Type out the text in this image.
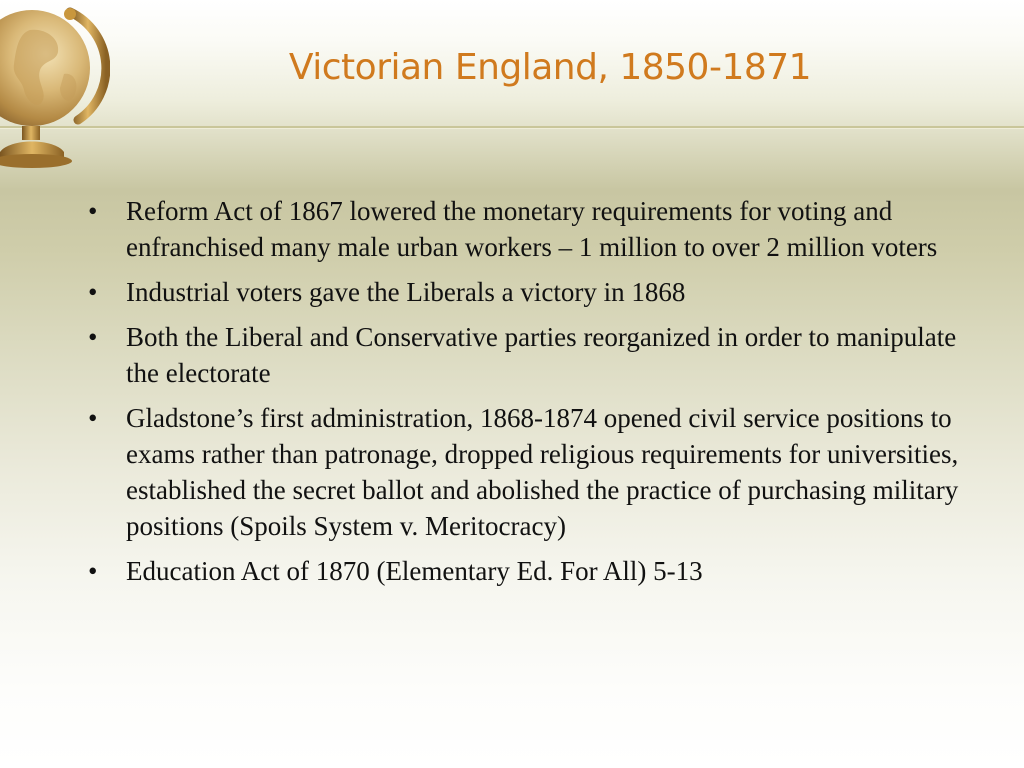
Victorian England, 1850-1871
• Reform Act of 1867 lowered the monetary requirements for voting and enfranchised many male urban workers – 1 million to over 2 million voters
• Industrial voters gave the Liberals a victory in 1868
• Both the Liberal and Conservative parties reorganized in order to manipulate the electorate
• Gladstone’s first administration, 1868-1874 opened civil service positions to exams rather than patronage, dropped religious requirements for universities, established the secret ballot and abolished the practice of purchasing military positions (Spoils System v. Meritocracy)
• Education Act of 1870 (Elementary Ed. For All) 5-13
